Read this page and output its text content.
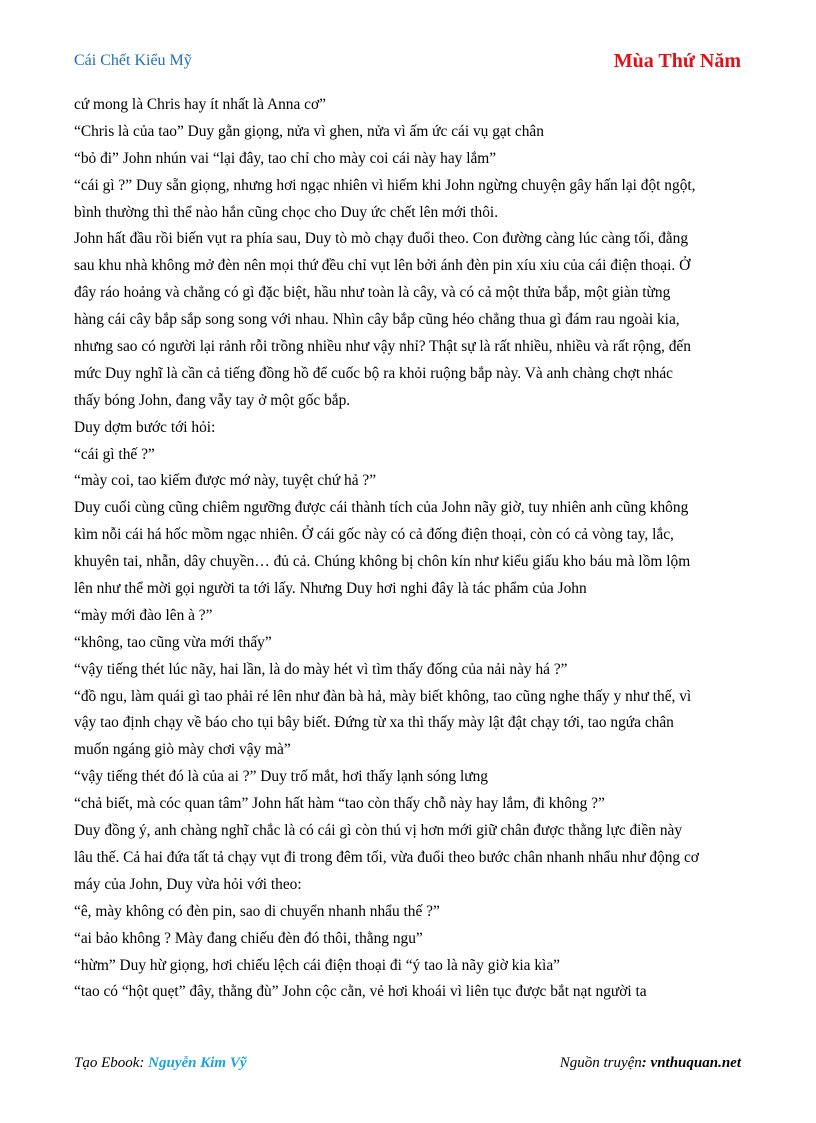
Cái Chết Kiểu Mỹ	Mùa Thứ Năm
cứ mong là Chris hay ít nhất là Anna cơ”
“Chris là của tao” Duy gằn giọng, nửa vì ghen, nửa vì ấm ức cái vụ gạt chân
“bỏ đi” John nhún vai “lại đây, tao chỉ cho mày coi cái này hay lắm”
“cái gì ?” Duy sẵn giọng, nhưng hơi ngạc nhiên vì hiếm khi John ngừng chuyện gây hấn lại đột ngột,
bình thường thì thể nào hắn cũng chọc cho Duy ức chết lên mới thôi.
John hất đầu rồi biến vụt ra phía sau, Duy tò mò chạy đuổi theo. Con đường càng lúc càng tối, đằng
sau khu nhà không mở đèn nên mọi thứ đều chỉ vụt lên bởi ánh đèn pin xíu xiu của cái điện thoại. Ở
đây ráo hoảng và chẳng có gì đặc biệt, hầu như toàn là cây, và có cả một thửa bắp, một giàn từng
hàng cái cây bắp sắp song song với nhau. Nhìn cây bắp cũng héo chẳng thua gì đám rau ngoài kia,
nhưng sao có người lại rảnh rỗi trồng nhiều như vậy nhỉ? Thật sự là rất nhiều, nhiều và rất rộng, đến
mức Duy nghĩ là cần cả tiếng đồng hồ để cuốc bộ ra khỏi ruộng bắp này. Và anh chàng chợt nhác
thấy bóng John, đang vẫy tay ở một gốc bắp.
Duy dợm bước tới hỏi:
“cái gì thế ?”
“mày coi, tao kiếm được mớ này, tuyệt chứ hả ?”
Duy cuối cùng cũng chiêm ngưỡng được cái thành tích của John nãy giờ, tuy nhiên anh cũng không
kìm nỗi cái há hốc mồm ngạc nhiên. Ở cái gốc này có cả đống điện thoại, còn có cả vòng tay, lắc,
khuyên tai, nhẫn, dây chuyền… đủ cả. Chúng không bị chôn kín như kiểu giấu kho báu mà lồm lộm
lên như thể mời gọi người ta tới lấy. Nhưng Duy hơi nghi đây là tác phẩm của John
“mày mới đào lên à ?”
“không, tao cũng vừa mới thấy”
“vậy tiếng thét lúc nãy, hai lần, là do mày hét vì tìm thấy đống của nải này há ?”
“đồ ngu, làm quái gì tao phải ré lên như đàn bà hả, mày biết không, tao cũng nghe thấy y như thế, vì
vậy tao định chạy về báo cho tụi bây biết. Đứng từ xa thì thấy mày lật đật chạy tới, tao ngứa chân
muốn ngáng giò mày chơi vậy mà”
“vậy tiếng thét đó là của ai ?” Duy trố mắt, hơi thấy lạnh sóng lưng
“chả biết, mà cóc quan tâm” John hất hàm “tao còn thấy chỗ này hay lắm, đi không ?”
Duy đồng ý, anh chàng nghĩ chắc là có cái gì còn thú vị hơn mới giữ chân được thằng lực điền này
lâu thế. Cả hai đứa tất tả chạy vụt đi trong đêm tối, vừa đuổi theo bước chân nhanh nhẩu như động cơ
máy của John, Duy vừa hỏi với theo:
“ê, mày không có đèn pin, sao di chuyển nhanh nhẩu thế ?”
“ai bảo không ? Mày đang chiếu đèn đó thôi, thằng ngu”
“hừm” Duy hừ giọng, hơi chiếu lệch cái điện thoại đi “ý tao là nãy giờ kia kìa”
“tao có “hột quẹt” đây, thằng đù” John cộc cằn, vẻ hơi khoái vì liên tục được bắt nạt người ta
Tạo Ebook: Nguyễn Kim Vỹ	Nguồn truyện: vnthuquan.net
